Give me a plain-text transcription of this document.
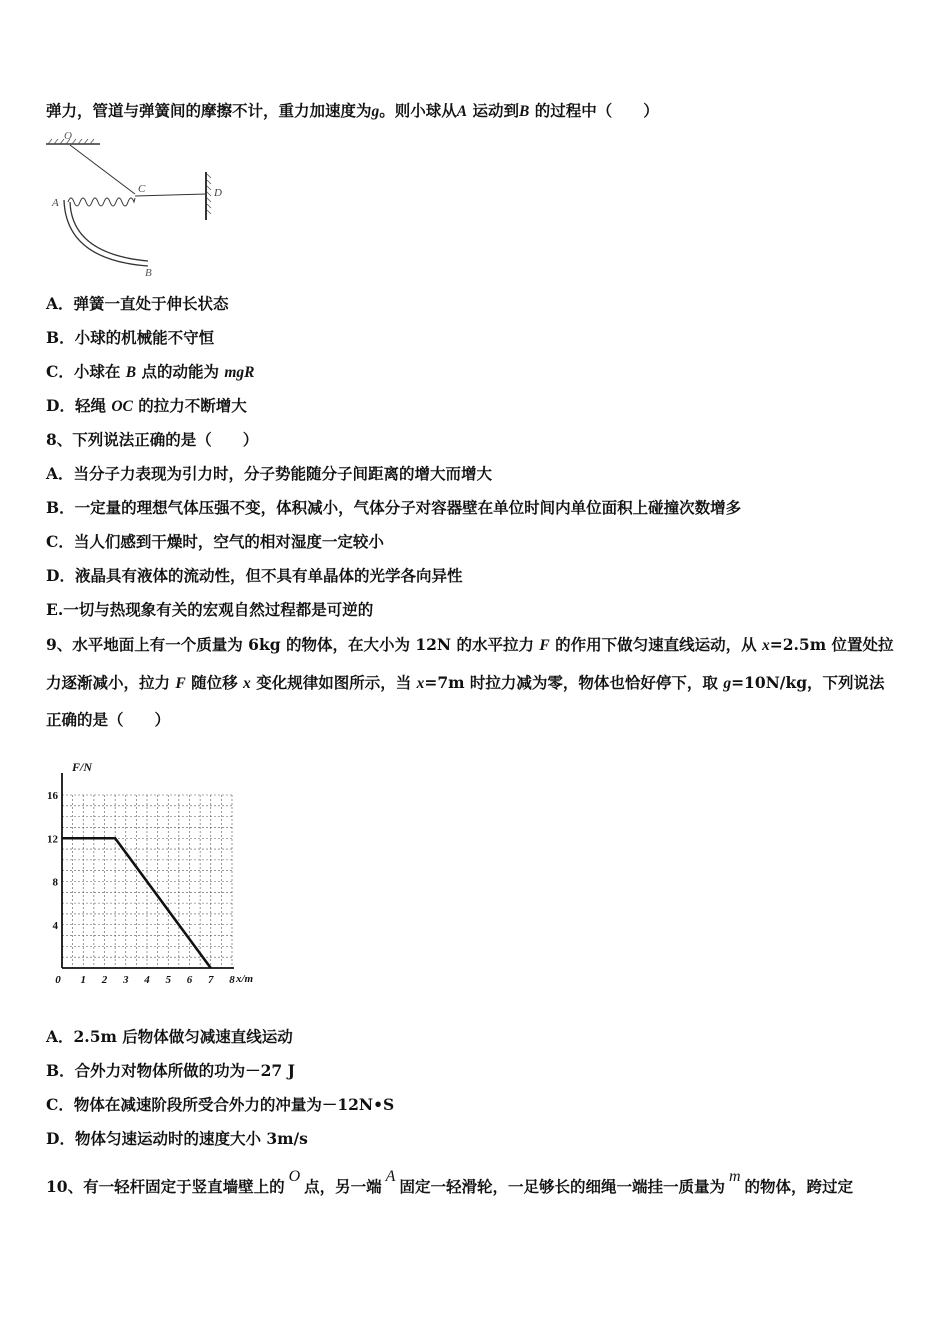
弹力，管道与弹簧间的摩擦不计，重力加速度为g。则小球从A 运动到B 的过程中（　　）
O
C	D
A
B
A．弹簧一直处于伸长状态
B．小球的机械能不守恒
C．小球在 B 点的动能为 mgR
D．轻绳 OC 的拉力不断增大
8、下列说法正确的是（　　）
A．当分子力表现为引力时，分子势能随分子间距离的增大而增大
B．一定量的理想气体压强不变，体积减小，气体分子对容器壁在单位时间内单位面积上碰撞次数增多
C．当人们感到干燥时，空气的相对湿度一定较小
D．液晶具有液体的流动性，但不具有单晶体的光学各向异性
E.一切与热现象有关的宏观自然过程都是可逆的
9、水平地面上有一个质量为 6kg 的物体，在大小为 12N 的水平拉力 F 的作用下做匀速直线运动，从 x=2.5m 位置处拉
力逐渐减小，拉力 F 随位移 x 变化规律如图所示，当 x=7m 时拉力减为零，物体也恰好停下，取 g=10N/kg，下列说法
正确的是（　　）
F/N
x/m
16
12
8
4
0 1 2 3 4 5 6 7 8
A．2.5m 后物体做匀减速直线运动
B．合外力对物体所做的功为－27 J
C．物体在减速阶段所受合外力的冲量为－12N•S
D．物体匀速运动时的速度大小 3m/s
10、有一轻杆固定于竖直墙壁上的O点，另一端A固定一轻滑轮，一足够长的细绳一端挂一质量为m的物体，跨过定
